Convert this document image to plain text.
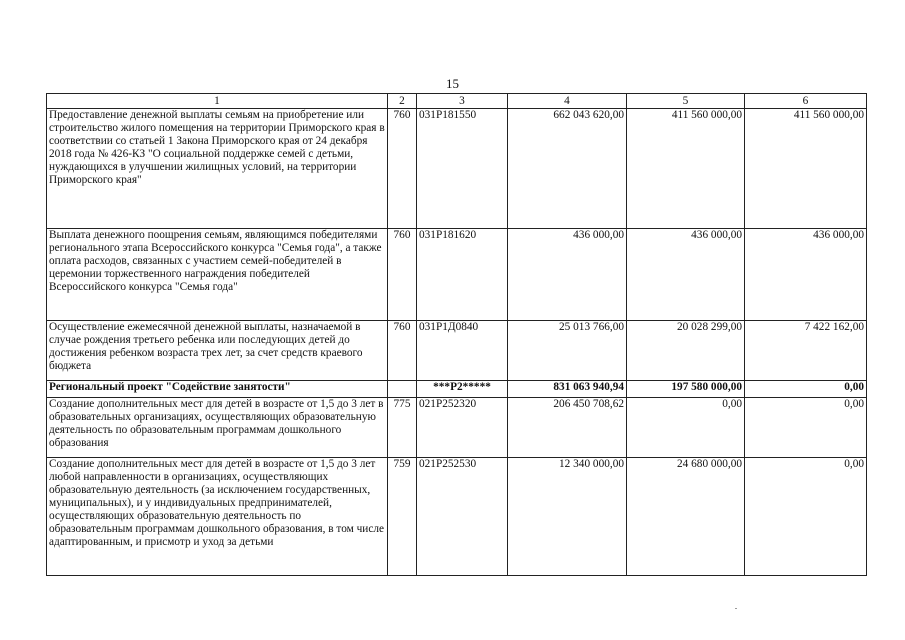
15
1	2	3	4	5	6
Предоставление денежной выплаты семьям на приобретение или строительство жилого помещения на территории Приморского края в соответствии со статьей 1 Закона Приморского края от 24 декабря 2018 года № 426-КЗ "О социальной поддержке семей с детьми, нуждающихся в улучшении жилищных условий, на территории Приморского края"	760	031P181550	662 043 620,00	411 560 000,00	411 560 000,00
Выплата денежного поощрения семьям, являющимся победителями регионального этапа Всероссийского конкурса "Семья года", а также оплата расходов, связанных с участием семей-победителей в церемонии торжественного награждения победителей Всероссийского конкурса "Семья года"	760	031P181620	436 000,00	436 000,00	436 000,00
Осуществление ежемесячной денежной выплаты, назначаемой в случае рождения третьего ребенка или последующих детей до достижения ребенком возраста трех лет, за счет средств краевого бюджета	760	031P1Д0840	25 013 766,00	20 028 299,00	7 422 162,00
Региональный проект "Содействие занятости"		***P2*****	831 063 940,94	197 580 000,00	0,00
Создание дополнительных мест для детей в возрасте от 1,5 до 3 лет в образовательных организациях, осуществляющих образовательную деятельность по образовательным программам дошкольного образования	775	021P252320	206 450 708,62	0,00	0,00
Создание дополнительных мест для детей в возрасте от 1,5 до 3 лет любой направленности в организациях, осуществляющих образовательную деятельность (за исключением государственных, муниципальных), и у индивидуальных предпринимателей, осуществляющих образовательную деятельность по образовательным программам дошкольного образования, в том числе адаптированным, и присмотр и уход за детьми	759	021P252530	12 340 000,00	24 680 000,00	0,00
